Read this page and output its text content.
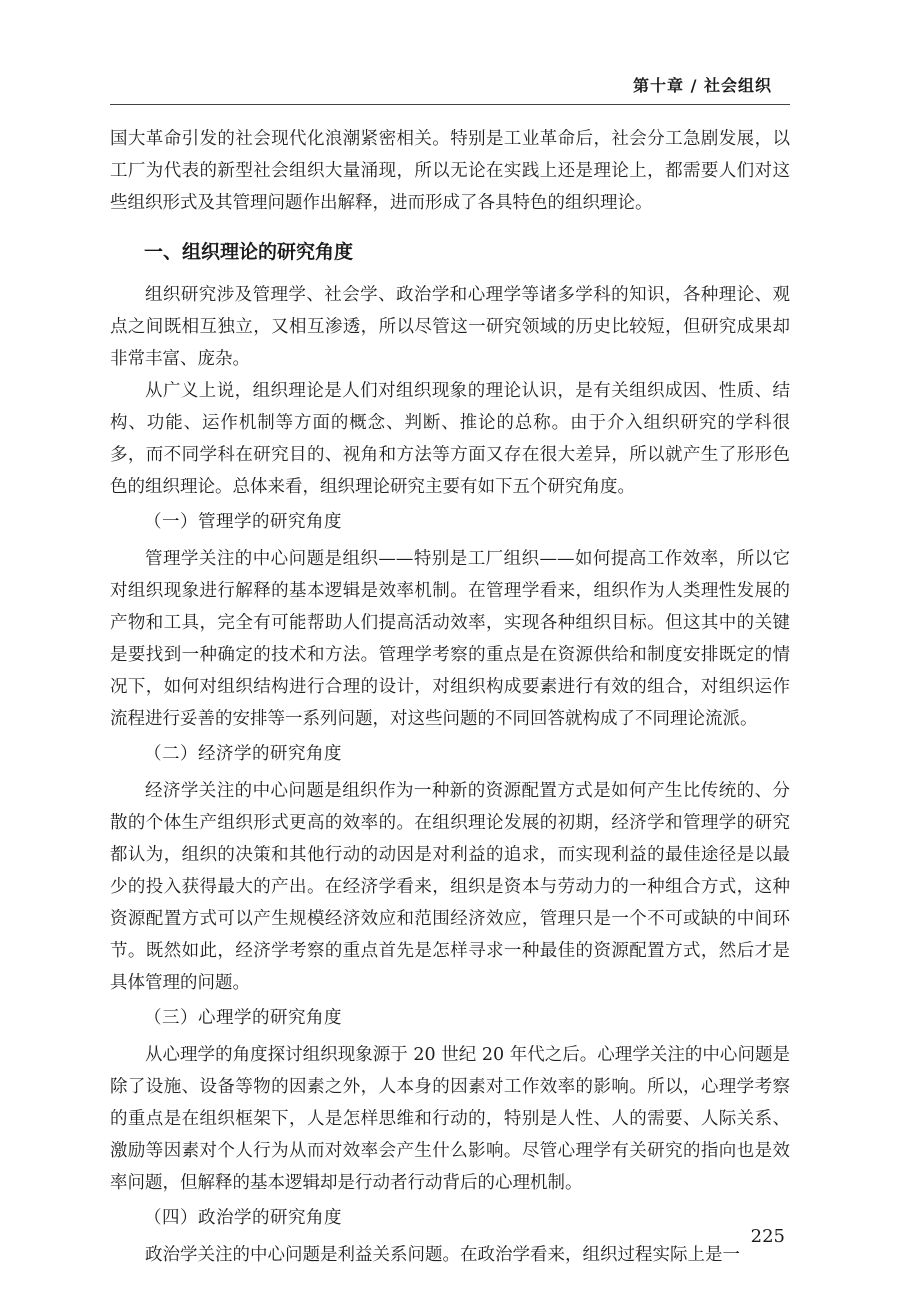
第十章 / 社会组织

国大革命引发的社会现代化浪潮紧密相关。特别是工业革命后，社会分工急剧发展，以工厂为代表的新型社会组织大量涌现，所以无论在实践上还是理论上，都需要人们对这些组织形式及其管理问题作出解释，进而形成了各具特色的组织理论。

一、组织理论的研究角度

组织研究涉及管理学、社会学、政治学和心理学等诸多学科的知识，各种理论、观点之间既相互独立，又相互渗透，所以尽管这一研究领域的历史比较短，但研究成果却非常丰富、庞杂。

从广义上说，组织理论是人们对组织现象的理论认识，是有关组织成因、性质、结构、功能、运作机制等方面的概念、判断、推论的总称。由于介入组织研究的学科很多，而不同学科在研究目的、视角和方法等方面又存在很大差异，所以就产生了形形色色的组织理论。总体来看，组织理论研究主要有如下五个研究角度。

（一）管理学的研究角度

管理学关注的中心问题是组织——特别是工厂组织——如何提高工作效率，所以它对组织现象进行解释的基本逻辑是效率机制。在管理学看来，组织作为人类理性发展的产物和工具，完全有可能帮助人们提高活动效率，实现各种组织目标。但这其中的关键是要找到一种确定的技术和方法。管理学考察的重点是在资源供给和制度安排既定的情况下，如何对组织结构进行合理的设计，对组织构成要素进行有效的组合，对组织运作流程进行妥善的安排等一系列问题，对这些问题的不同回答就构成了不同理论流派。

（二）经济学的研究角度

经济学关注的中心问题是组织作为一种新的资源配置方式是如何产生比传统的、分散的个体生产组织形式更高的效率的。在组织理论发展的初期，经济学和管理学的研究都认为，组织的决策和其他行动的动因是对利益的追求，而实现利益的最佳途径是以最少的投入获得最大的产出。在经济学看来，组织是资本与劳动力的一种组合方式，这种资源配置方式可以产生规模经济效应和范围经济效应，管理只是一个不可或缺的中间环节。既然如此，经济学考察的重点首先是怎样寻求一种最佳的资源配置方式，然后才是具体管理的问题。

（三）心理学的研究角度

从心理学的角度探讨组织现象源于 20 世纪 20 年代之后。心理学关注的中心问题是除了设施、设备等物的因素之外，人本身的因素对工作效率的影响。所以，心理学考察的重点是在组织框架下，人是怎样思维和行动的，特别是人性、人的需要、人际关系、激励等因素对个人行为从而对效率会产生什么影响。尽管心理学有关研究的指向也是效率问题，但解释的基本逻辑却是行动者行动背后的心理机制。

（四）政治学的研究角度

政治学关注的中心问题是利益关系问题。在政治学看来，组织过程实际上是一

225
